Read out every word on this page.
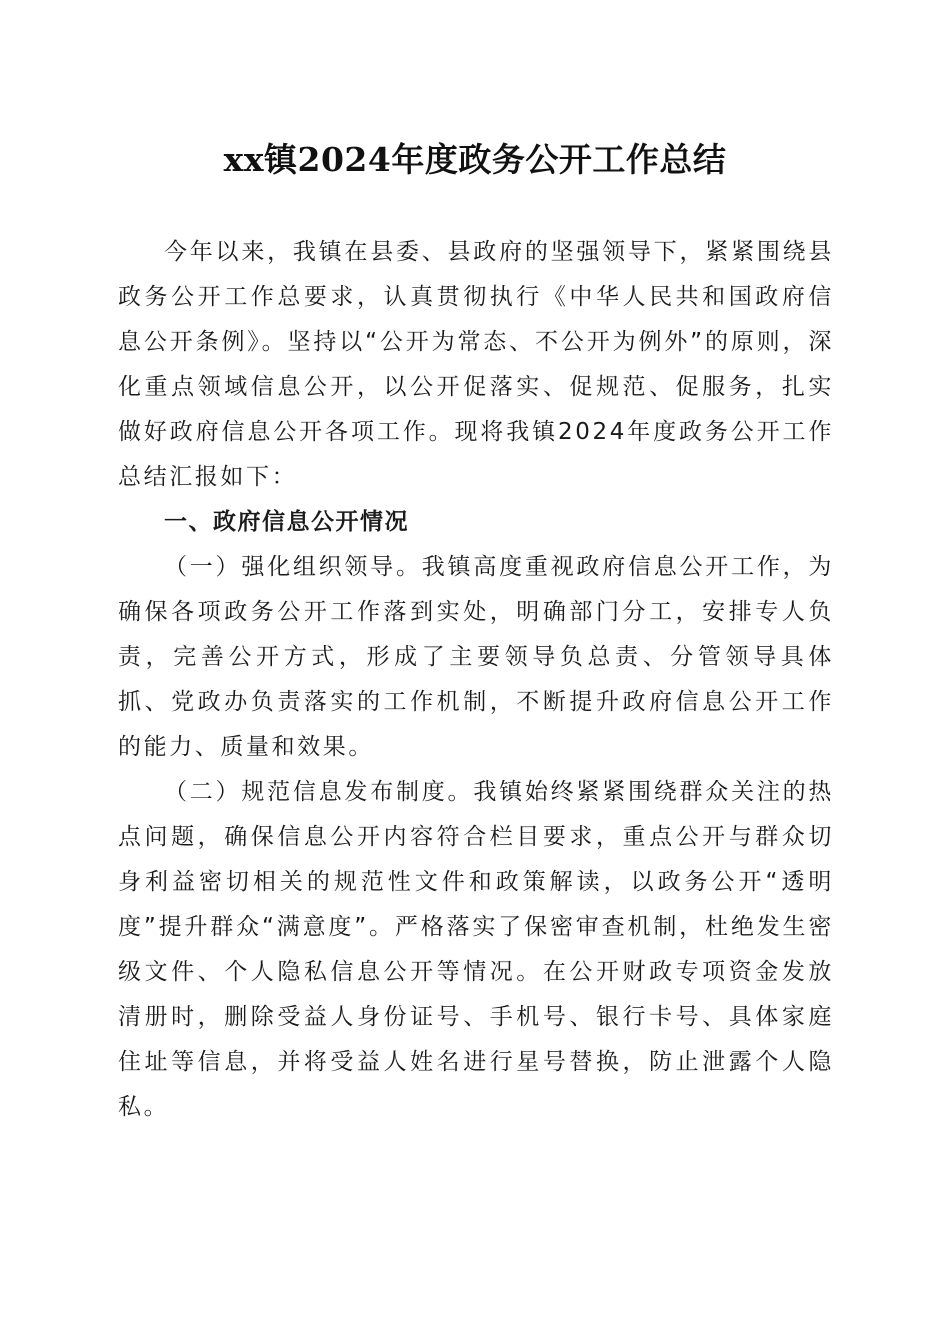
xx镇2024年度政务公开工作总结

今年以来，我镇在县委、县政府的坚强领导下，紧紧围绕县政务公开工作总要求，认真贯彻执行《中华人民共和国政府信息公开条例》。坚持以“公开为常态、不公开为例外”的原则，深化重点领域信息公开，以公开促落实、促规范、促服务，扎实做好政府信息公开各项工作。现将我镇2024年度政务公开工作总结汇报如下：

一、政府信息公开情况

（一）强化组织领导。我镇高度重视政府信息公开工作，为确保各项政务公开工作落到实处，明确部门分工，安排专人负责，完善公开方式，形成了主要领导负总责、分管领导具体抓、党政办负责落实的工作机制，不断提升政府信息公开工作的能力、质量和效果。

（二）规范信息发布制度。我镇始终紧紧围绕群众关注的热点问题，确保信息公开内容符合栏目要求，重点公开与群众切身利益密切相关的规范性文件和政策解读，以政务公开“透明度”提升群众“满意度”。严格落实了保密审查机制，杜绝发生密级文件、个人隐私信息公开等情况。在公开财政专项资金发放清册时，删除受益人身份证号、手机号、银行卡号、具体家庭住址等信息，并将受益人姓名进行星号替换，防止泄露个人隐私。
